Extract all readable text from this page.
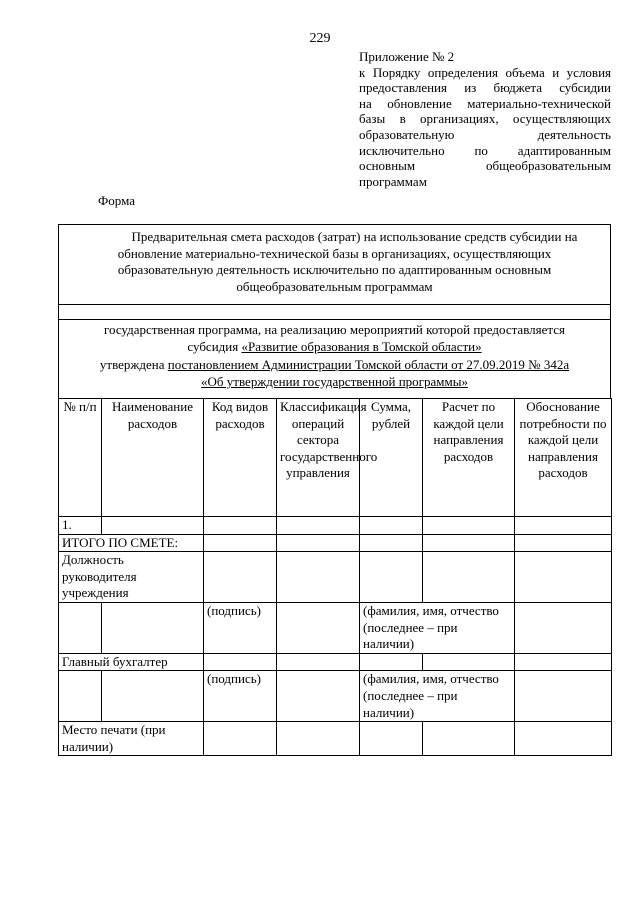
229
Приложение № 2
к Порядку определения объема и условия
предоставления из бюджета субсидии
на обновление материально-технической
базы в организациях, осуществляющих
образовательную деятельность
исключительно по адаптированным
основным общеобразовательным
программам
Форма
Предварительная смета расходов (затрат) на использование средств субсидии на обновление материально-технической базы в организациях, осуществляющих образовательную деятельность исключительно по адаптированным основным общеобразовательным программам
государственная программа, на реализацию мероприятий которой предоставляется
субсидия «Развитие образования в Томской области»
утверждена постановлением Администрации Томской области от 27.09.2019 № 342а
«Об утверждении государственной программы»
№ п/п	Наименование расходов	Код видов расходов	Классификация операций сектора государственного управления	Сумма, рублей	Расчет по каждой цели направления расходов	Обоснование потребности по каждой цели направления расходов
1.						
ИТОГО ПО СМЕТЕ:						
Должность руководителя учреждения						
		(подпись)		(фамилия, имя, отчество (последнее – при наличии)		
Главный бухгалтер						
		(подпись)		(фамилия, имя, отчество (последнее – при наличии)		
Место печати (при наличии)						
